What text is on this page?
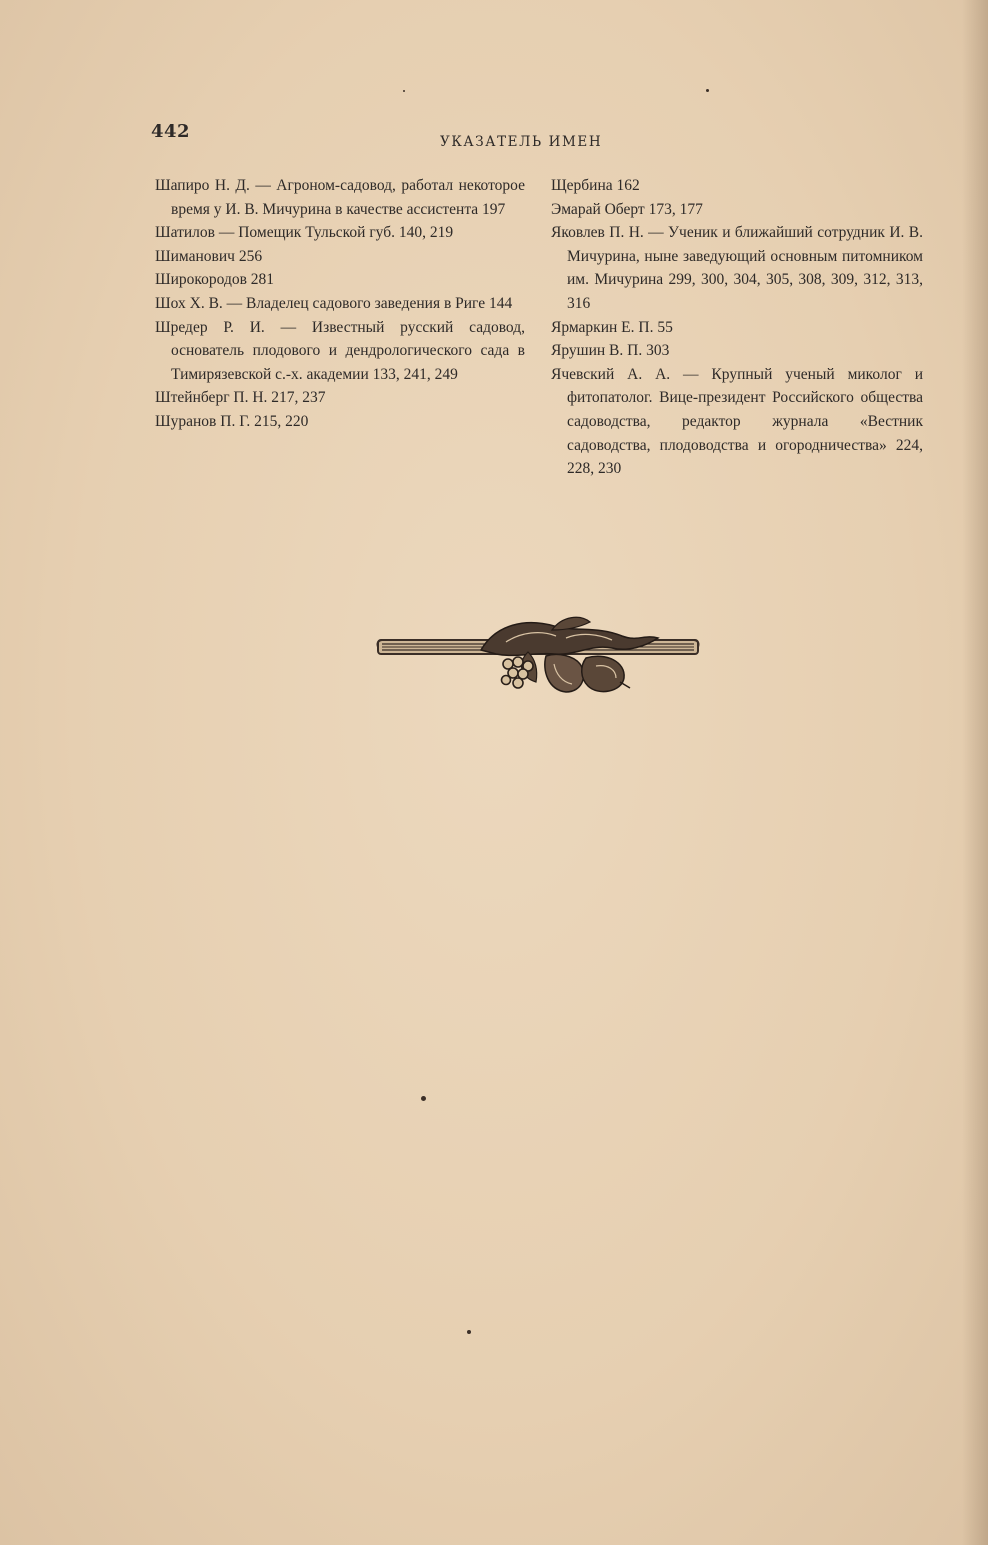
442	УКАЗАТЕЛЬ ИМЕН

Шапиро Н. Д. — Агроном-садовод, работал некоторое время у И. В. Мичурина в качестве ассистента 197

Шатилов — Помещик Тульской губ. 140, 219

Шиманович 256

Широкородов 281

Шох Х. В. — Владелец садового заведения в Риге 144

Шредер Р. И. — Известный русский садовод, основатель плодового и дендрологического сада в Тимирязевской с.-х. академии 133, 241, 249

Штейнберг П. Н. 217, 237

Шуранов П. Г. 215, 220

Щербина 162

Эмарай Оберт 173, 177

Яковлев П. Н. — Ученик и ближайший сотрудник И. В. Мичурина, ныне заведующий основным питомником им. Мичурина 299, 300, 304, 305, 308, 309, 312, 313, 316

Ярмаркин Е. П. 55

Ярушин В. П. 303

Ячевский А. А. — Крупный ученый миколог и фитопатолог. Вице-президент Российского общества садоводства, редактор журнала «Вестник садоводства, плодоводства и огородничества» 224, 228, 230
